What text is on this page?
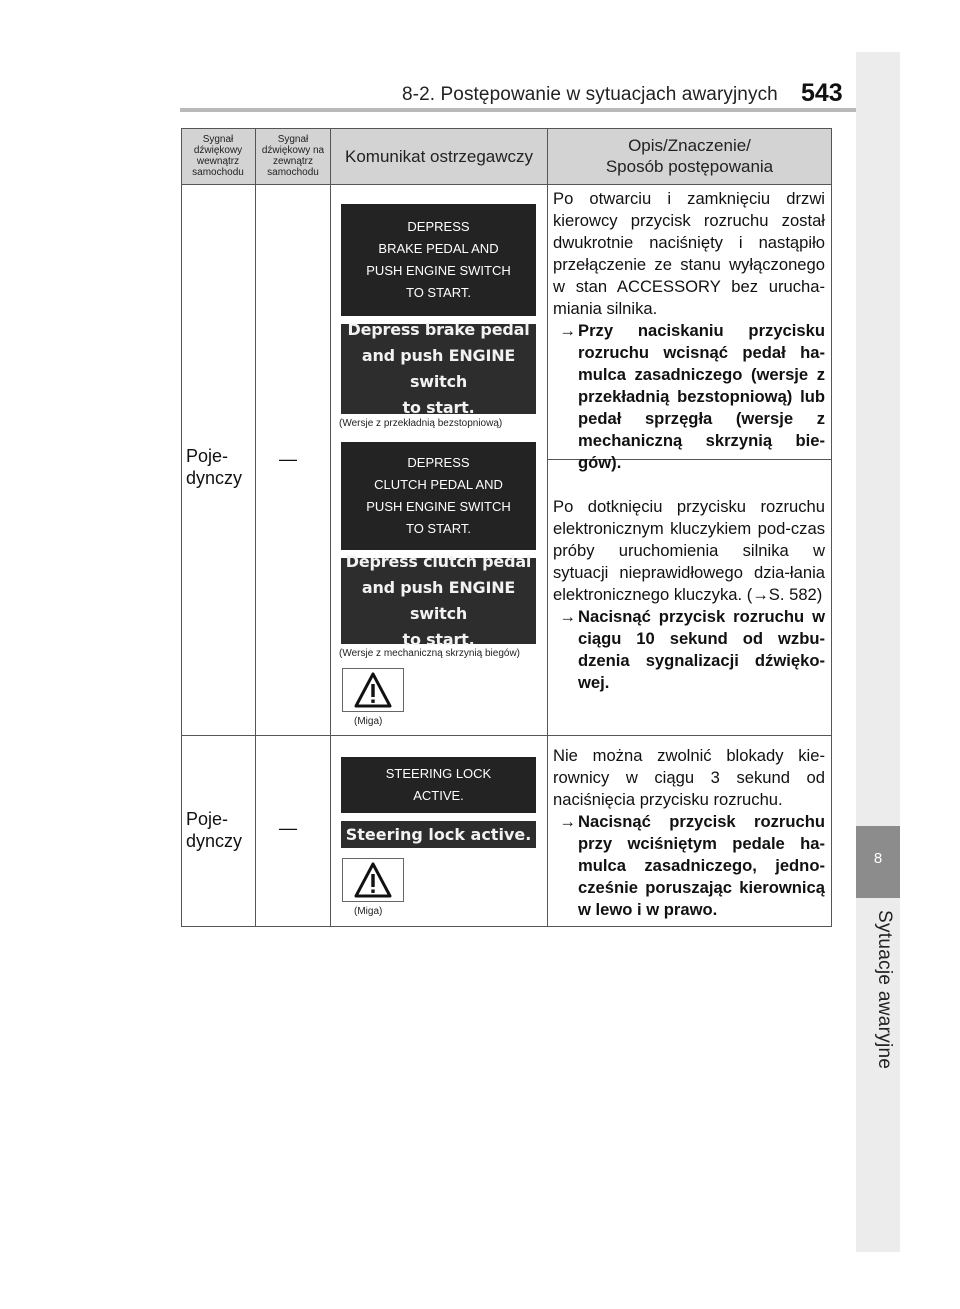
8-2. Postępowanie w sytuacjach awaryjnych 543
8
Sytuacje awaryjne
Sygnał dźwiękowy wewnątrz samochodu
Sygnał dźwiękowy na zewnątrz samochodu
Komunikat ostrzegawczy
Opis/Znaczenie/
Sposób postępowania
Poje-
dynczy
—
DEPRESS
BRAKE PEDAL AND
PUSH ENGINE SWITCH
TO START.
Depress brake pedal
and push ENGINE switch
to start.
(Wersje z przekładnią bezstopniową)
DEPRESS
CLUTCH PEDAL AND
PUSH ENGINE SWITCH
TO START.
Depress clutch pedal
and push ENGINE switch
to start.
(Wersje z mechaniczną skrzynią biegów)
(Miga)

Po otwarciu i zamknięciu drzwi kierowcy przycisk rozruchu został dwukrotnie naciśnięty i nastąpiło przełączenie ze stanu wyłączonego w stan ACCESSORY bez urucha-miania silnika.

→ Przy naciskaniu przycisku rozruchu wcisnąć pedał ha-mulca zasadniczego (wersje z przekładnią bezstopniową) lub pedał sprzęgła (wersje z mechaniczną skrzynią bie-gów).

Po dotknięciu przycisku rozruchu elektronicznym kluczykiem pod-czas próby uruchomienia silnika w sytuacji nieprawidłowego dzia-łania elektronicznego kluczyka. (→S. 582)

→ Nacisnąć przycisk rozruchu w ciągu 10 sekund od wzbu-dzenia sygnalizacji dźwięko-wej.

Poje-
dynczy
—
STEERING LOCK
ACTIVE.
Steering lock active.
(Miga)

Nie można zwolnić blokady kie-rownicy w ciągu 3 sekund od naciśnięcia przycisku rozruchu.

→ Nacisnąć przycisk rozruchu przy wciśniętym pedale ha-mulca zasadniczego, jedno-cześnie poruszając kierownicą w lewo i w prawo.
